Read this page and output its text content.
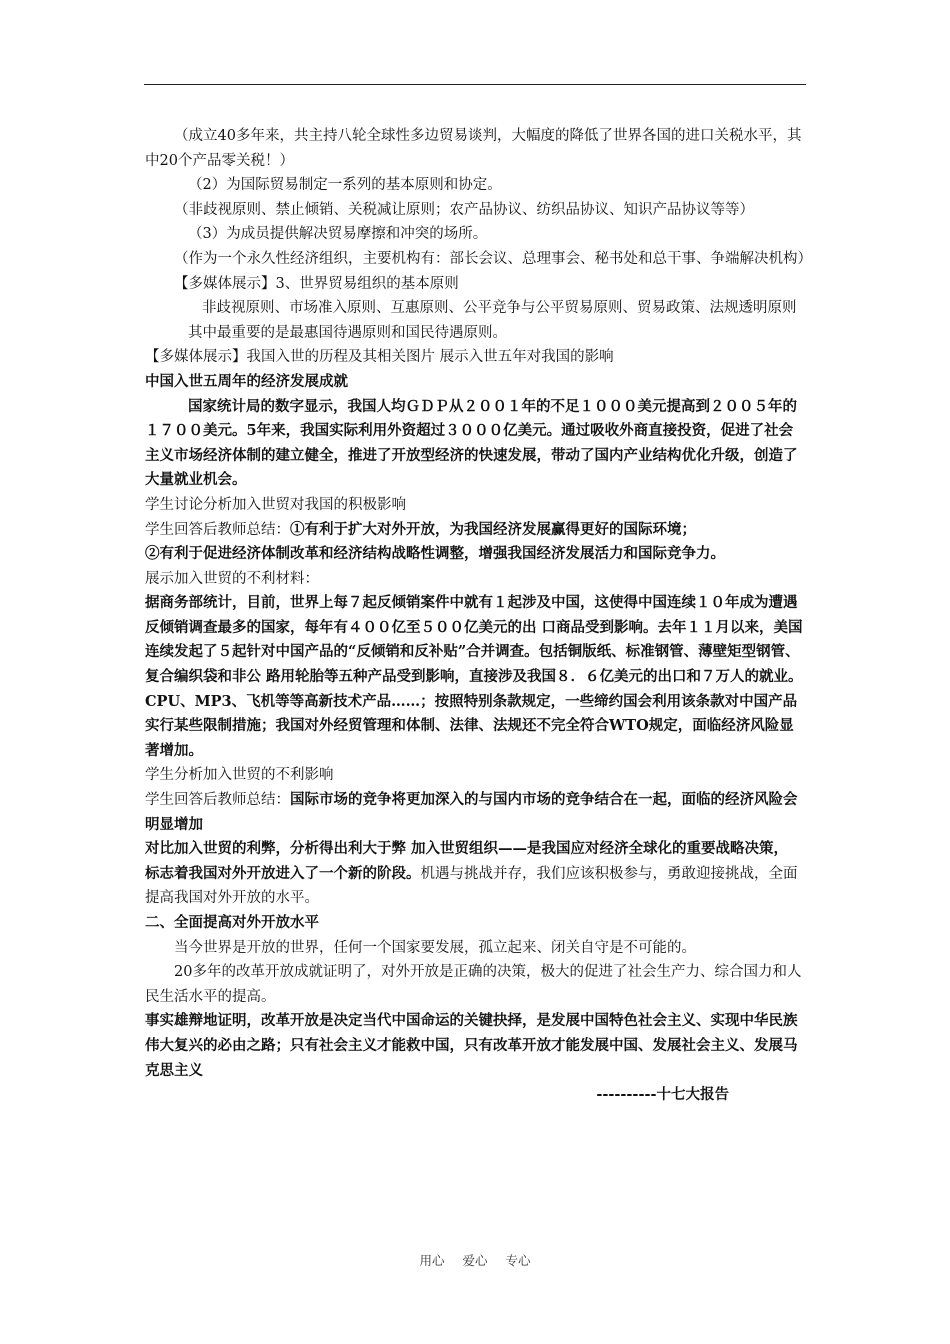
（成立40多年来，共主持八轮全球性多边贸易谈判，大幅度的降低了世界各国的进口关税水平，其中20个产品零关税！）

（2）为国际贸易制定一系列的基本原则和协定。

（非歧视原则、禁止倾销、关税减让原则；农产品协议、纺织品协议、知识产品协议等等）

（3）为成员提供解决贸易摩擦和冲突的场所。

（作为一个永久性经济组织，主要机构有：部长会议、总理事会、秘书处和总干事、争端解决机构）

【多媒体展示】3、世界贸易组织的基本原则

非歧视原则、市场准入原则、互惠原则、公平竞争与公平贸易原则、贸易政策、法规透明原则

其中最重要的是最惠国待遇原则和国民待遇原则。

【多媒体展示】我国入世的历程及其相关图片 展示入世五年对我国的影响

中国入世五周年的经济发展成就

国家统计局的数字显示，我国人均ＧＤＰ从２００１年的不足１０００美元提高到２００５年的１７００美元。5年来，我国实际利用外资超过３０００亿美元。通过吸收外商直接投资，促进了社会主义市场经济体制的建立健全，推进了开放型经济的快速发展，带动了国内产业结构优化升级，创造了大量就业机会。

学生讨论分析加入世贸对我国的积极影响

学生回答后教师总结：①有利于扩大对外开放，为我国经济发展赢得更好的国际环境；

②有利于促进经济体制改革和经济结构战略性调整，增强我国经济发展活力和国际竞争力。

展示加入世贸的不利材料：

据商务部统计，目前，世界上每７起反倾销案件中就有１起涉及中国，这使得中国连续１０年成为遭遇反倾销调查最多的国家，每年有４００亿至５００亿美元的出 口商品受到影响。去年１１月以来，美国连续发起了５起针对中国产品的“反倾销和反补贴”合并调查。包括铜版纸、标准钢管、薄壁矩型钢管、复合编织袋和非公 路用轮胎等五种产品受到影响，直接涉及我国８．６亿美元的出口和７万人的就业。

CPU、MP3、飞机等等高新技术产品……；按照特别条款规定，一些缔约国会利用该条款对中国产品实行某些限制措施；我国对外经贸管理和体制、法律、法规还不完全符合WTO规定，面临经济风险显著增加。

学生分析加入世贸的不利影响

学生回答后教师总结：国际市场的竞争将更加深入的与国内市场的竞争结合在一起，面临的经济风险会明显增加

对比加入世贸的利弊，分析得出利大于弊 加入世贸组织——是我国应对经济全球化的重要战略决策， 标志着我国对外开放进入了一个新的阶段。机遇与挑战并存，我们应该积极参与，勇敢迎接挑战，全面提高我国对外开放的水平。

二、全面提高对外开放水平

当今世界是开放的世界，任何一个国家要发展，孤立起来、闭关自守是不可能的。

20多年的改革开放成就证明了，对外开放是正确的决策，极大的促进了社会生产力、综合国力和人民生活水平的提高。

事实雄辩地证明，改革开放是决定当代中国命运的关键抉择，是发展中国特色社会主义、实现中华民族伟大复兴的必由之路；只有社会主义才能救中国，只有改革开放才能发展中国、发展社会主义、发展马克思主义

----------十七大报告

用心 爱心 专心
